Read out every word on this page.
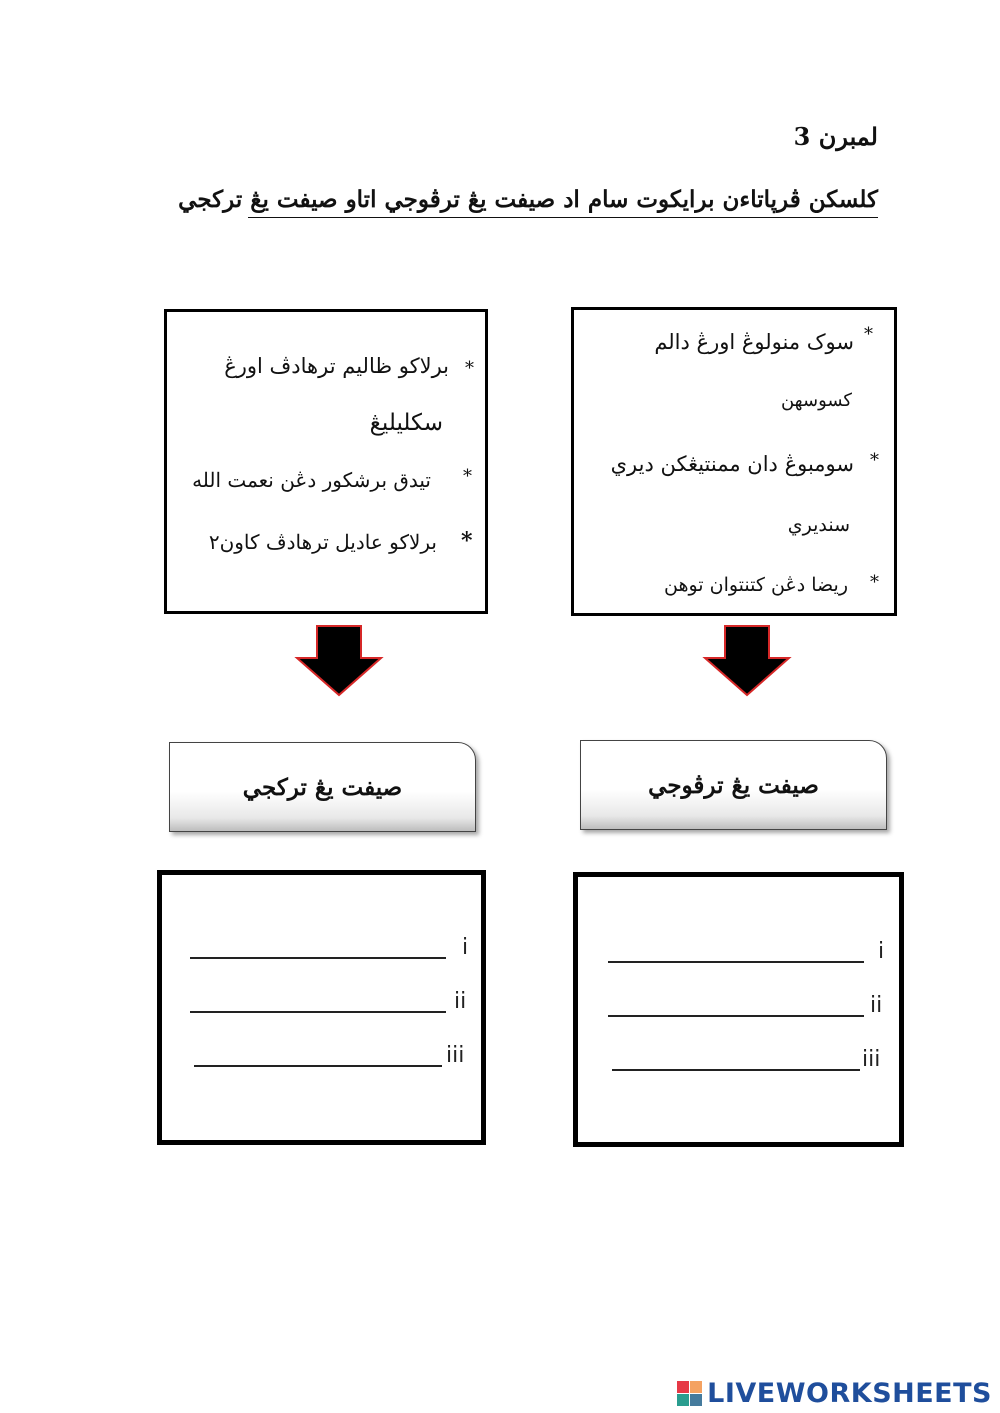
لمبرن 3
كلسكن ڤرڽاتاءن برايكوت سام اد صيفت يڠ ترڤوجي اتاو صيفت يڠ تركجي
*
برلاکو ظاليم ترهادڤ اورڠ
سكليليڠ
*
تيدق برشكور دڠن نعمت الله
*
برلاکو عاديل ترهادڤ کاون٢
*
سوک منولوڠ اورڠ دالم
کسوسهن
*
سومبوڠ دان ممنتيڠکن ديري
سنديري
*
ريضا دڠن کتنتوان توهن
صيفت يڠ تركجي	صيفت يڠ ترڤوجي
i
ii
iii
i
ii
iii
LIVEWORKSHEETS
